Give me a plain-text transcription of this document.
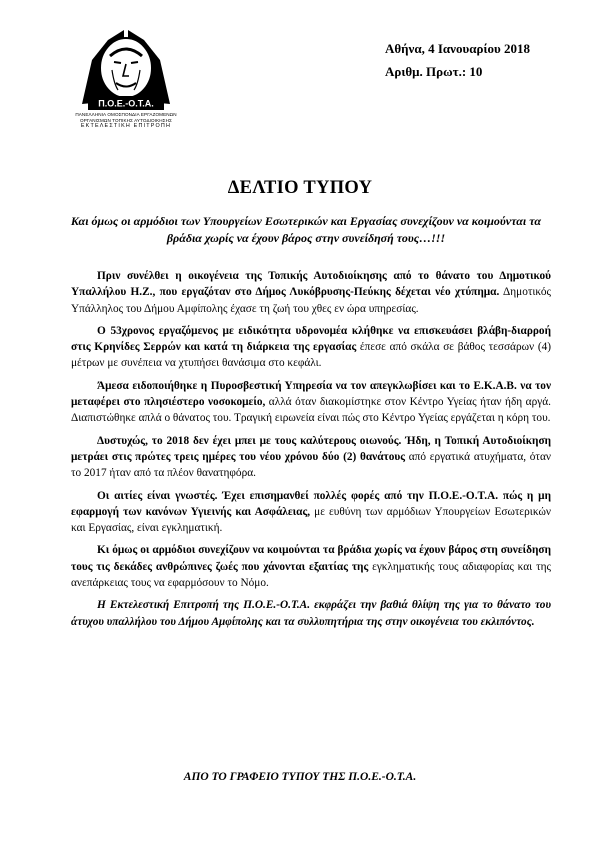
Π.Ο.Ε.-Ο.Τ.Α.
ΠΑΝΕΛΛΗΝΙΑ ΟΜΟΣΠΟΝΔΙΑ ΕΡΓΑΖΟΜΕΝΩΝ
ΟΡΓΑΝΙΣΜΩΝ ΤΟΠΙΚΗΣ ΑΥΤΟΔΙΟΙΚΗΣΗΣ
ΕΚΤΕΛΕΣΤΙΚΗ ΕΠΙΤΡΟΠΗ
Αθήνα, 4 Ιανουαρίου 2018
Αριθμ. Πρωτ.: 10
ΔΕΛΤΙΟ ΤΥΠΟΥ
Και όμως οι αρμόδιοι των Υπουργείων Εσωτερικών και Εργασίας συνεχίζουν να κοιμούνται τα βράδια χωρίς να έχουν βάρος στην συνείδησή τους…!!!

Πριν συνέλθει η οικογένεια της Τοπικής Αυτοδιοίκησης από το θάνατο του Δημοτικού Υπαλλήλου Η.Ζ., που εργαζόταν στο Δήμος Λυκόβρυσης-Πεύκης δέχεται νέο χτύπημα. Δημοτικός Υπάλληλος του Δήμου Αμφίπολης έχασε τη ζωή του χθες εν ώρα υπηρεσίας.

Ο 53χρονος εργαζόμενος με ειδικότητα υδρονομέα κλήθηκε να επισκευάσει βλάβη-διαρροή στις Κρηνίδες Σερρών και κατά τη διάρκεια της εργασίας έπεσε από σκάλα σε βάθος τεσσάρων (4) μέτρων με συνέπεια να χτυπήσει θανάσιμα στο κεφάλι.

Άμεσα ειδοποιήθηκε η Πυροσβεστική Υπηρεσία να τον απεγκλωβίσει και το Ε.Κ.Α.Β. να τον μεταφέρει στο πλησιέστερο νοσοκομείο, αλλά όταν διακομίστηκε στον Κέντρο Υγείας ήταν ήδη αργά. Διαπιστώθηκε απλά ο θάνατος του. Τραγική ειρωνεία είναι πώς στο Κέντρο Υγείας εργάζεται η κόρη του.

Δυστυχώς, το 2018 δεν έχει μπει με τους καλύτερους οιωνούς. Ήδη, η Τοπική Αυτοδιοίκηση μετράει στις πρώτες τρεις ημέρες του νέου χρόνου δύο (2) θανάτους από εργατικά ατυχήματα, όταν το 2017 ήταν από τα πλέον θανατηφόρα.

Οι αιτίες είναι γνωστές. Έχει επισημανθεί πολλές φορές από την Π.Ο.Ε.-Ο.Τ.Α. πώς η μη εφαρμογή των κανόνων Υγιεινής και Ασφάλειας, με ευθύνη των αρμόδιων Υπουργείων Εσωτερικών και Εργασίας, είναι εγκληματική.

Κι όμως οι αρμόδιοι συνεχίζουν να κοιμούνται τα βράδια χωρίς να έχουν βάρος στη συνείδηση τους τις δεκάδες ανθρώπινες ζωές που χάνονται εξαιτίας της εγκληματικής τους αδιαφορίας και της ανεπάρκειας τους να εφαρμόσουν το Νόμο.

Η Εκτελεστική Επιτροπή της Π.Ο.Ε.-Ο.Τ.Α. εκφράζει την βαθιά θλίψη της για το θάνατο του άτυχου υπαλλήλου του Δήμου Αμφίπολης και τα συλλυπητήρια της στην οικογένεια του εκλιπόντος.

ΑΠΟ ΤΟ ΓΡΑΦΕΙΟ ΤΥΠΟΥ ΤΗΣ Π.Ο.Ε.-Ο.Τ.Α.
